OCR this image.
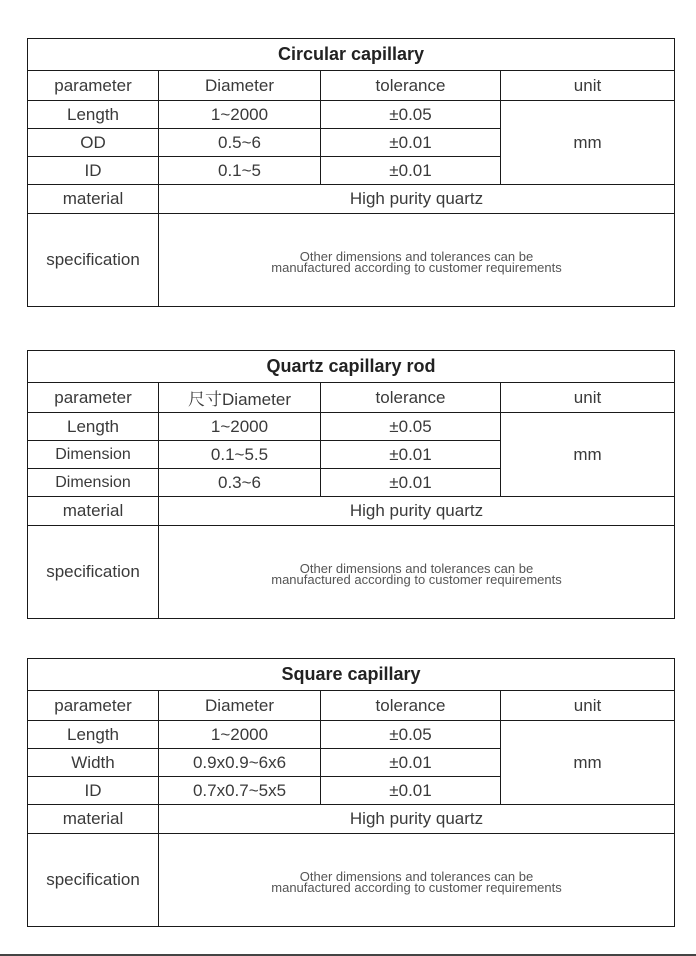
Circular capillary			
parameter	Diameter	tolerance	unit
Length	1~2000	±0.05	mm
OD	0.5~6	±0.01	
ID	0.1~5	±0.01	
material	High purity quartz		
specification	Other dimensions and tolerances can be
manufactured according to customer requirements		
Quartz capillary rod			
parameter	尺寸Diameter	tolerance	unit
Length	1~2000	±0.05	mm
Dimension	0.1~5.5	±0.01	
Dimension	0.3~6	±0.01	
material	High purity quartz		
specification	Other dimensions and tolerances can be
manufactured according to customer requirements		
Square capillary			
parameter	Diameter	tolerance	unit
Length	1~2000	±0.05	mm
Width	0.9x0.9~6x6	±0.01	
ID	0.7x0.7~5x5	±0.01	
material	High purity quartz		
specification	Other dimensions and tolerances can be
manufactured according to customer requirements		
